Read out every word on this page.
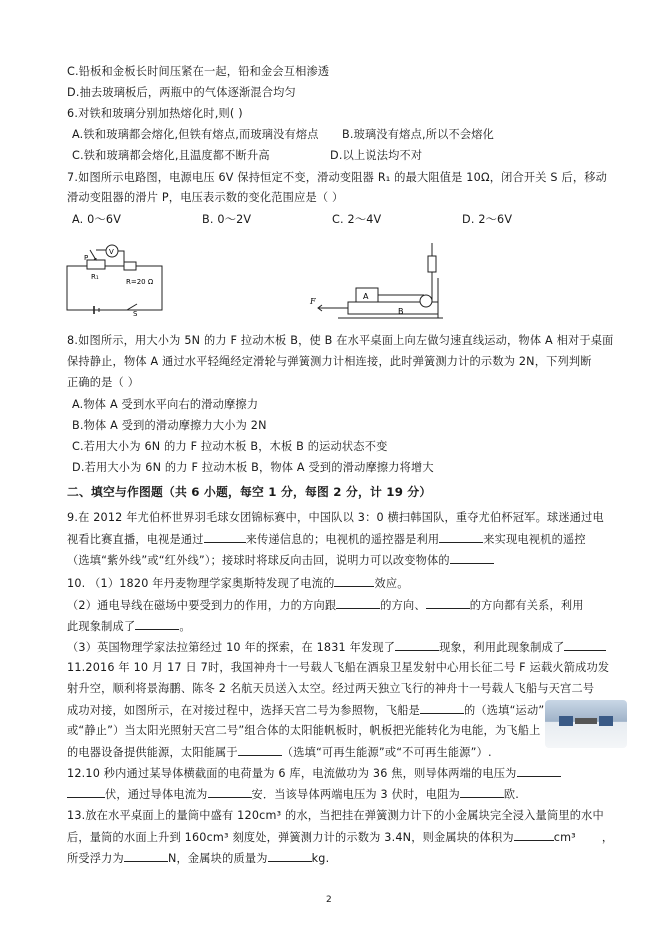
C.铅板和金板长时间压紧在一起，铅和金会互相渗透
D.抽去玻璃板后，两瓶中的气体逐渐混合均匀
6.对铁和玻璃分别加热熔化时,则( )
A.铁和玻璃都会熔化,但铁有熔点,而玻璃没有熔点 B.玻璃没有熔点,所以不会熔化
C.铁和玻璃都会熔化,且温度都不断升高	D.以上说法均不对
7.如图所示电路图，电源电压 6V 保持恒定不变，滑动变阻器 R₁ 的最大阻值是 10Ω，闭合开关 S 后，移动
滑动变阻器的滑片 P，电压表示数的变化范围应是（ ）
A. 0～6V	B. 0～2V	C. 2～4V	D. 2～6V
P
V
R₁
R=20 Ω
S
F
A
B
8.如图所示，用大小为 5N 的力 F 拉动木板 B，使 B 在水平桌面上向左做匀速直线运动，物体 A 相对于桌面
保持静止，物体 A 通过水平轻绳经定滑轮与弹簧测力计相连接，此时弹簧测力计的示数为 2N，下列判断
正确的是（ ）
A.物体 A 受到水平向右的滑动摩擦力
B.物体 A 受到的滑动摩擦力大小为 2N
C.若用大小为 6N 的力 F 拉动木板 B，木板 B 的运动状态不变
D.若用大小为 6N 的力 F 拉动木板 B，物体 A 受到的滑动摩擦力将增大
二、填空与作图题（共 6 小题，每空 1 分，每图 2 分，计 19 分）
9.在 2012 年尤伯杯世界羽毛球女团锦标赛中，中国队以 3：0 横扫韩国队，重夺尤伯杯冠军。球迷通过电
视看比赛直播，电视是通过	来传递信息的；电视机的遥控器是利用	来实现电视机的遥控
（选填“紫外线”或“红外线”）；接球时将球反向击回，说明力可以改变物体的
10. （1）1820 年丹麦物理学家奥斯特发现了电流的	效应。
（2）通电导线在磁场中要受到力的作用，力的方向跟	的方向、	的方向都有关系，利用
此现象制成了	。
（3）英国物理学家法拉第经过 10 年的探索，在 1831 年发现了	现象，利用此现象制成了
11.2016 年 10 月 17 日 7时，我国神舟十一号载人飞船在酒泉卫星发射中心用长征二号 F 运载火箭成功发
射升空，顺利将景海鹏、陈冬 2 名航天员送入太空。经过两天独立飞行的神舟十一号载人飞船与天宫二号
成功对接，如图所示，在对接过程中，选择天宫二号为参照物，飞船是	的（选填“运动”
或“静止”）当太阳光照射天宫二号”组合体的太阳能帆板时，帆板把光能转化为电能，为飞船上
的电器设备提供能源，太阳能属于	（选填“可再生能源”或“不可再生能源”）.
12.10 秒内通过某导体横截面的电荷量为 6 库，电流做功为 36 焦，则导体两端的电压为
伏，通过导体电流为	安．当该导体两端电压为 3 伏时，电阻为	欧.
13.放在水平桌面上的量筒中盛有 120cm³ 的水，当把挂在弹簧测力计下的小金属块完全浸入量筒里的水中
后，量筒的水面上升到 160cm³ 刻度处，弹簧测力计的示数为 3.4N，则金属块的体积为	cm³ ，
所受浮力为	N，金属块的质量为	kg.
2
